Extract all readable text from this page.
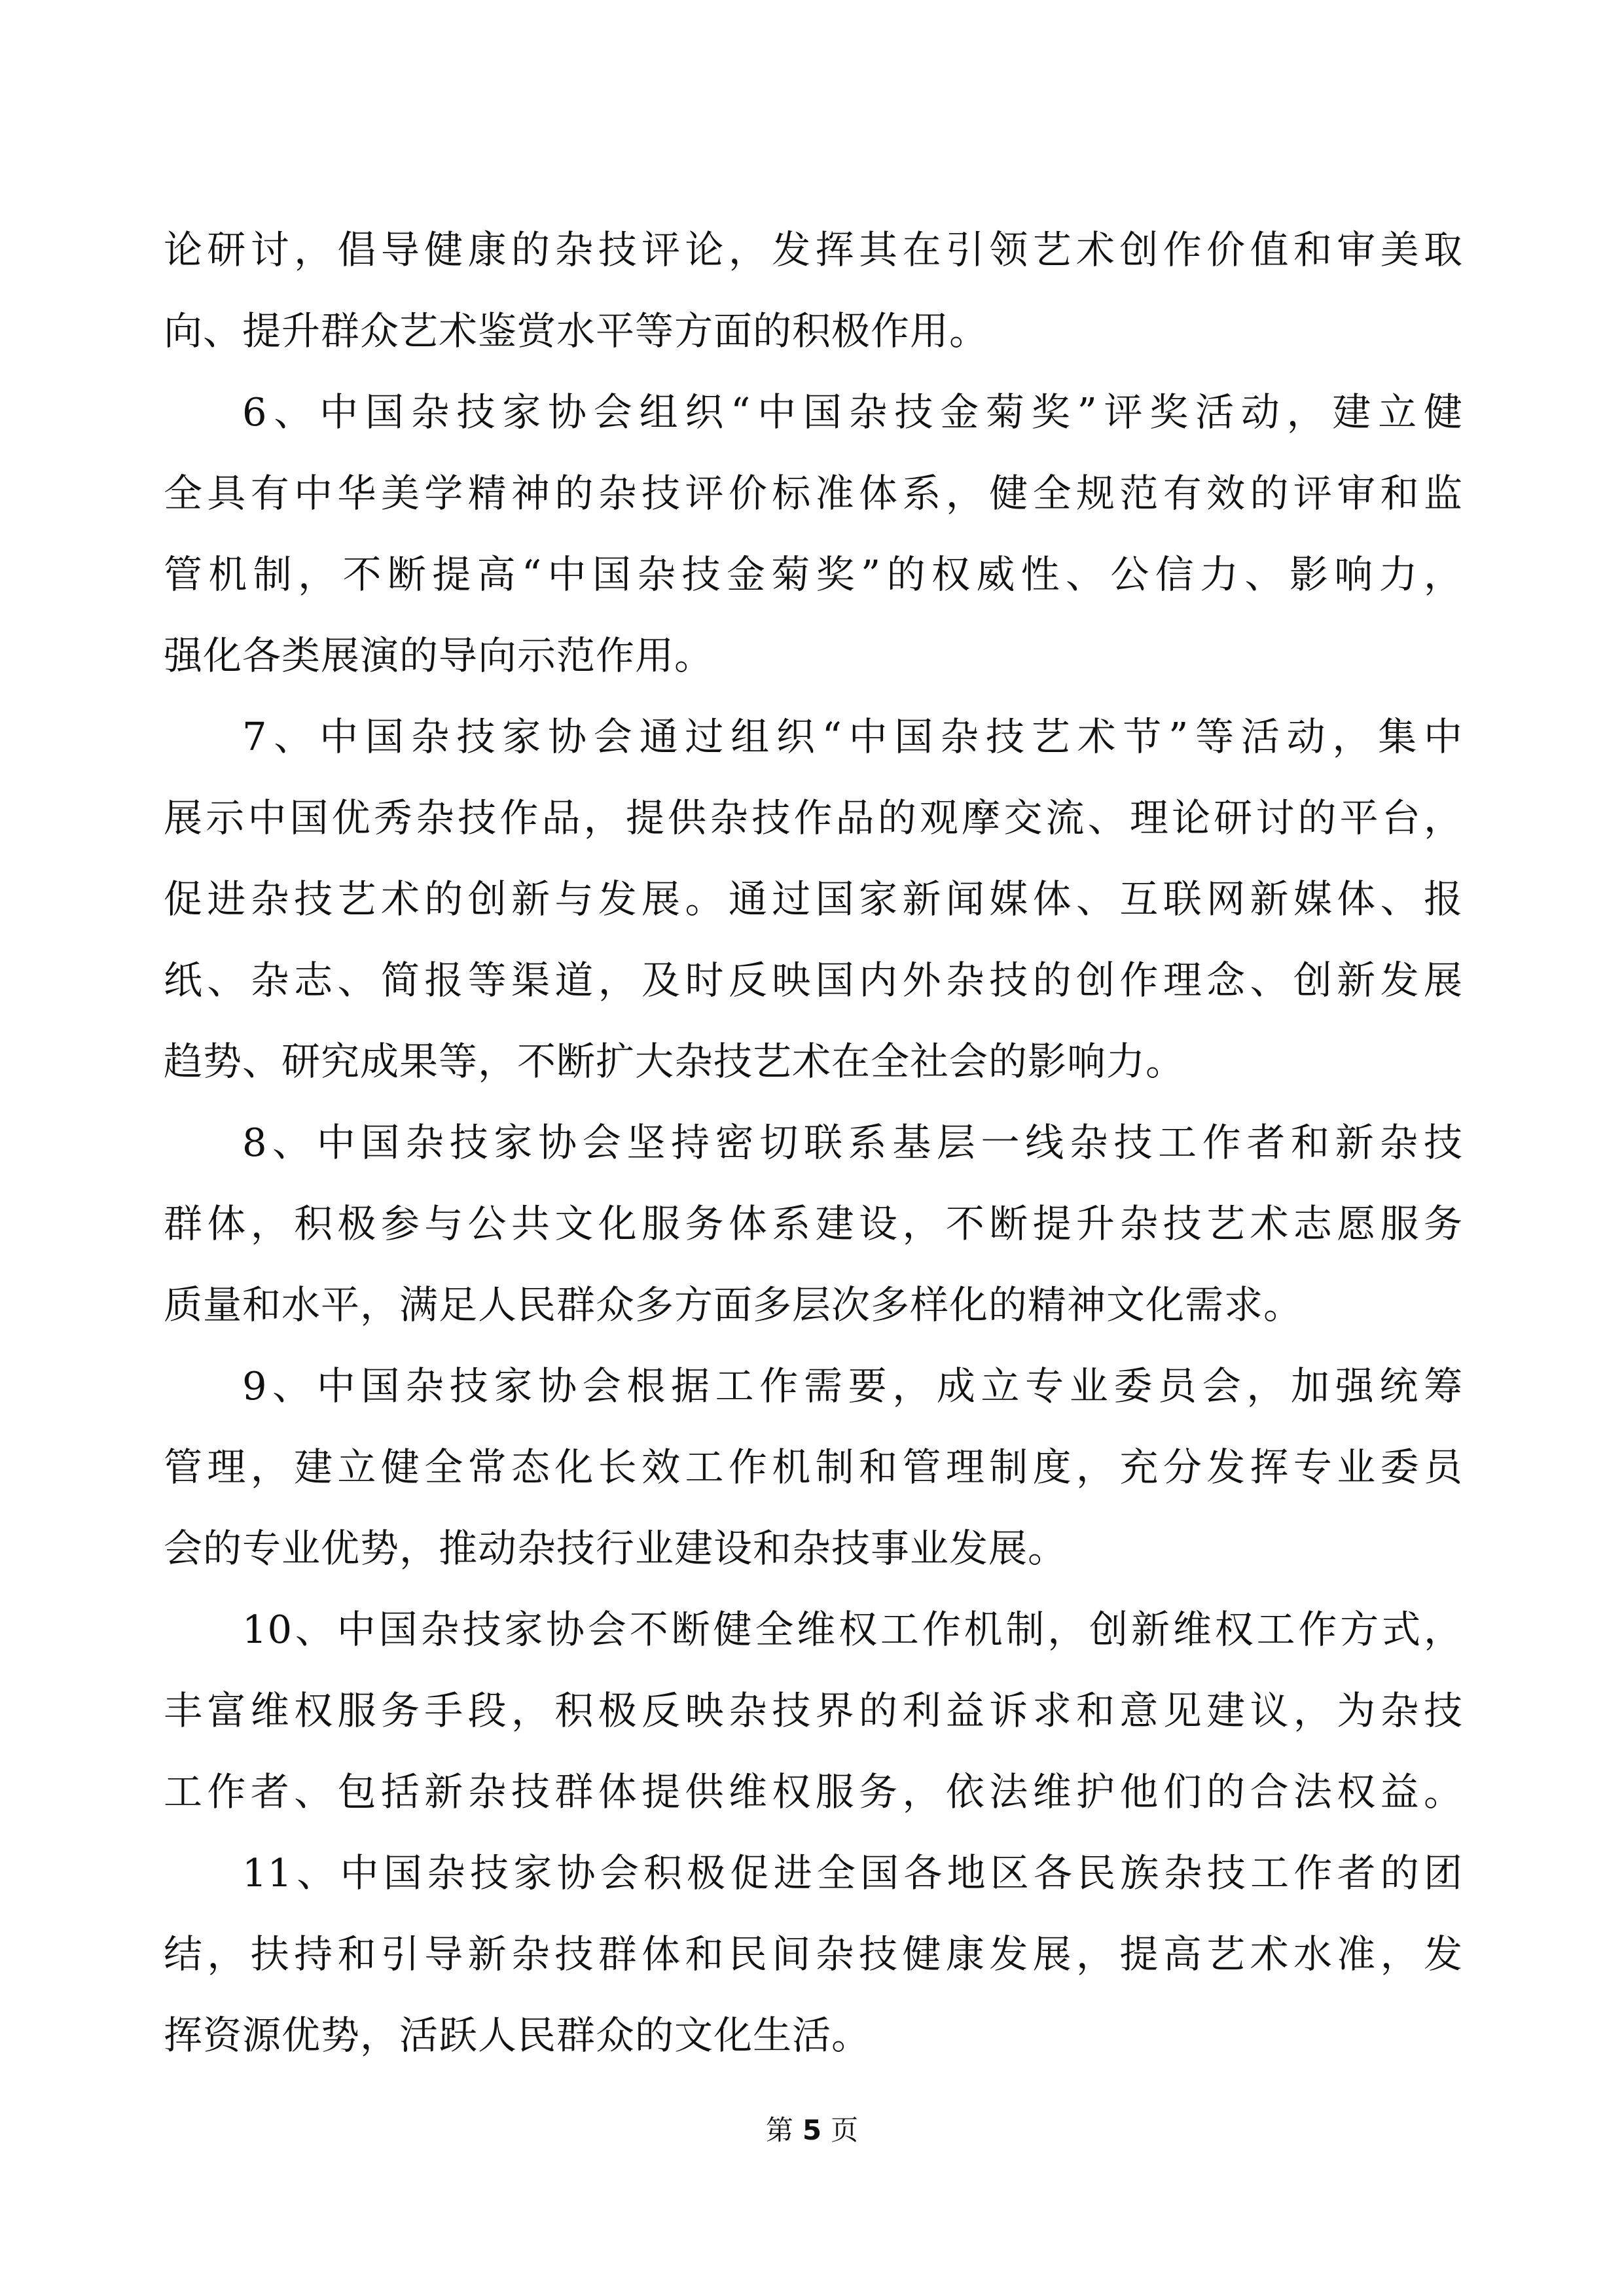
论研讨，倡导健康的杂技评论，发挥其在引领艺术创作价值和审美取
向、提升群众艺术鉴赏水平等方面的积极作用。
6、中国杂技家协会组织“中国杂技金菊奖”评奖活动，建立健
全具有中华美学精神的杂技评价标准体系，健全规范有效的评审和监
管机制，不断提高“中国杂技金菊奖”的权威性、公信力、影响力，
强化各类展演的导向示范作用。
7、中国杂技家协会通过组织“中国杂技艺术节”等活动，集中
展示中国优秀杂技作品，提供杂技作品的观摩交流、理论研讨的平台，
促进杂技艺术的创新与发展。通过国家新闻媒体、互联网新媒体、报
纸、杂志、简报等渠道，及时反映国内外杂技的创作理念、创新发展
趋势、研究成果等，不断扩大杂技艺术在全社会的影响力。
8、中国杂技家协会坚持密切联系基层一线杂技工作者和新杂技
群体，积极参与公共文化服务体系建设，不断提升杂技艺术志愿服务
质量和水平，满足人民群众多方面多层次多样化的精神文化需求。
9、中国杂技家协会根据工作需要，成立专业委员会，加强统筹
管理，建立健全常态化长效工作机制和管理制度，充分发挥专业委员
会的专业优势，推动杂技行业建设和杂技事业发展。
10、中国杂技家协会不断健全维权工作机制，创新维权工作方式，
丰富维权服务手段，积极反映杂技界的利益诉求和意见建议，为杂技
工作者、包括新杂技群体提供维权服务，依法维护他们的合法权益。
11、中国杂技家协会积极促进全国各地区各民族杂技工作者的团
结，扶持和引导新杂技群体和民间杂技健康发展，提高艺术水准，发
挥资源优势，活跃人民群众的文化生活。
第 5 页
